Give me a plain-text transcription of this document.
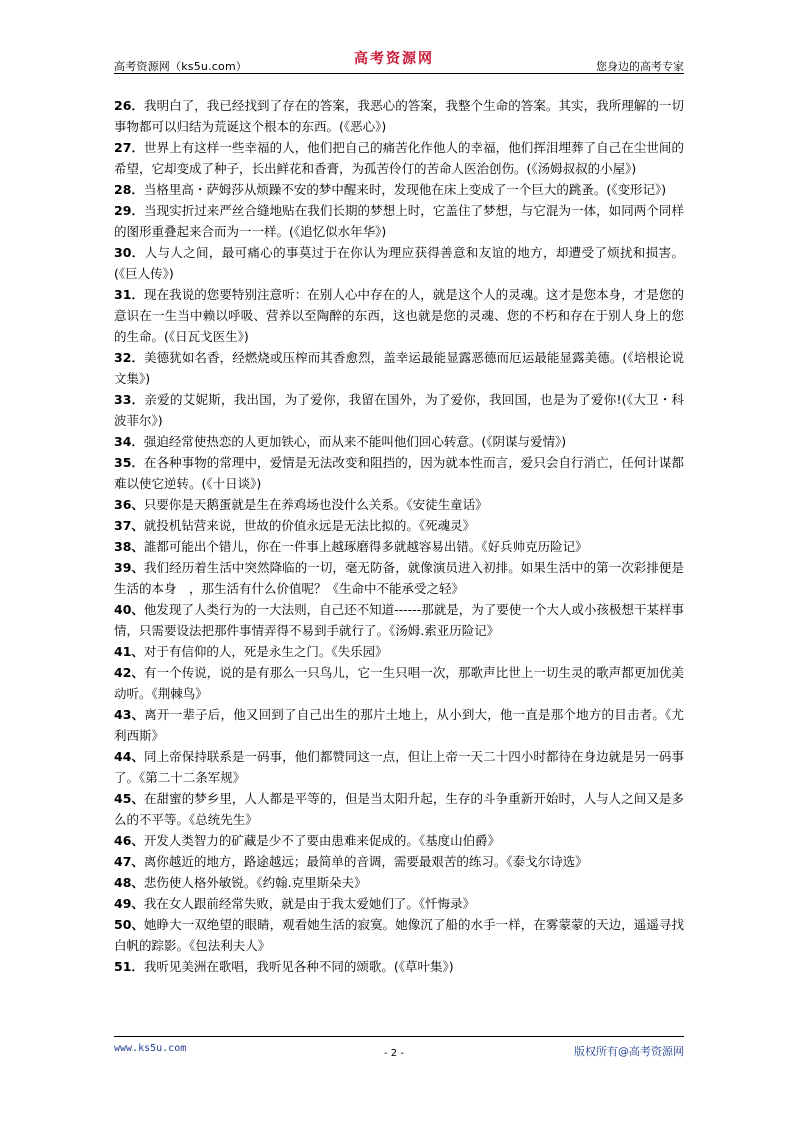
高考资源网（ks5u.com）	高考资源网	您身边的高考专家

26．我明白了，我已经找到了存在的答案，我恶心的答案，我整个生命的答案。其实，我所理解的一切事物都可以归结为荒诞这个根本的东西。(《恶心》)

27．世界上有这样一些幸福的人，他们把自己的痛苦化作他人的幸福，他们挥泪埋葬了自己在尘世间的希望，它却变成了种子，长出鲜花和香膏，为孤苦伶仃的苦命人医治创伤。(《汤姆叔叔的小屋》)

28．当格里高・萨姆莎从烦躁不安的梦中醒来时，发现他在床上变成了一个巨大的跳蚤。(《变形记》)

29．当现实折过来严丝合缝地贴在我们长期的梦想上时，它盖住了梦想，与它混为一体，如同两个同样的图形重叠起来合而为一一样。(《追忆似水年华》)

30．人与人之间，最可痛心的事莫过于在你认为理应获得善意和友谊的地方，却遭受了烦扰和损害。(《巨人传》)

31．现在我说的您要特别注意听：在别人心中存在的人，就是这个人的灵魂。这才是您本身，才是您的意识在一生当中赖以呼吸、营养以至陶醉的东西，这也就是您的灵魂、您的不朽和存在于别人身上的您的生命。(《日瓦戈医生》)

32．美德犹如名香，经燃烧或压榨而其香愈烈，盖幸运最能显露恶德而厄运最能显露美德。(《培根论说文集》)

33．亲爱的艾妮斯，我出国，为了爱你，我留在国外，为了爱你，我回国，也是为了爱你!(《大卫・科波菲尔》)

34．强迫经常使热恋的人更加铁心，而从来不能叫他们回心转意。(《阴谋与爱情》)

35．在各种事物的常理中，爱情是无法改变和阻挡的，因为就本性而言，爱只会自行消亡，任何计谋都难以使它逆转。(《十日谈》)

36、只要你是天鹅蛋就是生在养鸡场也没什么关系。《安徒生童话》

37、就投机钻营来说，世故的价值永远是无法比拟的。《死魂灵》

38、誰都可能出个错儿，你在一件事上越琢磨得多就越容易出错。《好兵帅克历险记》

39、我们经历着生活中突然降临的一切，毫无防备，就像演员进入初排。如果生活中的第一次彩排便是生活的本身　，那生活有什么价值呢？《生命中不能承受之轻》

40、他发现了人类行为的一大法则，自己还不知道------那就是，为了要使一个大人或小孩极想干某样事情，只需要设法把那件事情弄得不易到手就行了。《汤姆.索亚历险记》

41、对于有信仰的人，死是永生之门。《失乐园》

42、有一个传说，说的是有那么一只鸟儿，它一生只唱一次，那歌声比世上一切生灵的歌声都更加优美动听。《荆棘鸟》

43、离开一辈子后，他又回到了自己出生的那片土地上，从小到大，他一直是那个地方的目击者。《尤利西斯》

44、同上帝保持联系是一码事，他们都赞同这一点，但让上帝一天二十四小时都待在身边就是另一码事了。《第二十二条军规》

45、在甜蜜的梦乡里，人人都是平等的，但是当太阳升起，生存的斗争重新开始时，人与人之间又是多么的不平等。《总统先生》

46、开发人类智力的矿藏是少不了要由患难来促成的。《基度山伯爵》

47、离你越近的地方，路途越远；最简单的音调，需要最艰苦的练习。《泰戈尔诗选》

48、悲伤使人格外敏锐。《约翰.克里斯朵夫》

49、我在女人跟前经常失败，就是由于我太爱她们了。《忏悔录》

50、她睁大一双绝望的眼睛，观看她生活的寂寞。她像沉了船的水手一样，在雾蒙蒙的天边，遥遥寻找白帆的踪影。《包法利夫人》

51．我听见美洲在歌唱，我听见各种不同的颂歌。(《草叶集》)

www.ks5u.com	- 2 -	版权所有@高考资源网
